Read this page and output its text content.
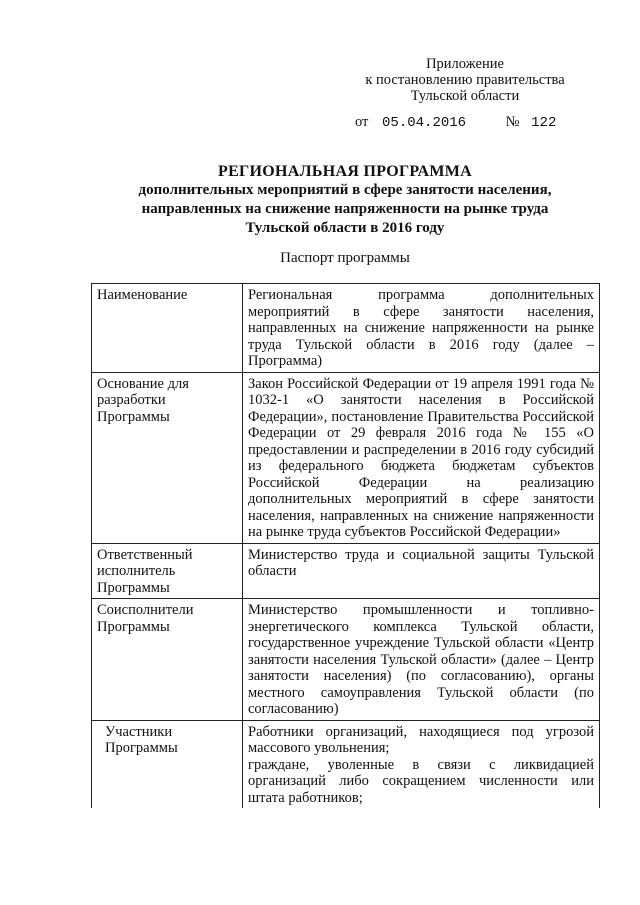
Приложение
к постановлению правительства
Тульской области
от 05.04.2016	№ 122
РЕГИОНАЛЬНАЯ ПРОГРАММА
дополнительных мероприятий в сфере занятости населения,
направленных на снижение напряженности на рынке труда
Тульской области в 2016 году
Паспорт программы
Наименование	Региональная программа дополнительных мероприятий в сфере занятости населения, направленных на снижение напряженности на рынке труда Тульской области в 2016 году (далее – Программа)
Основание для разработки Программы	Закон Российской Федерации от 19 апреля 1991 года № 1032-1 «О занятости населения в Российской Федерации», постановление Правительства Российской Федерации от 29 февраля 2016 года № 155 «О предоставлении и распределении в 2016 году субсидий из федерального бюджета бюджетам субъектов Российской Федерации на реализацию дополнительных мероприятий в сфере занятости населения, направленных на снижение напряженности на рынке труда субъектов Российской Федерации»
Ответственный исполнитель Программы	Министерство труда и социальной защиты Тульской области
Соисполнители Программы	Министерство промышленности и топливно-энергетического комплекса Тульской области, государственное учреждение Тульской области «Центр занятости населения Тульской области» (далее – Центр занятости населения) (по согласованию), органы местного самоуправления Тульской области (по согласованию)
Участники Программы	Работники организаций, находящиеся под угрозой массового увольнения;

граждане, уволенные в связи с ликвидацией организаций либо сокращением численности или штата работников;
